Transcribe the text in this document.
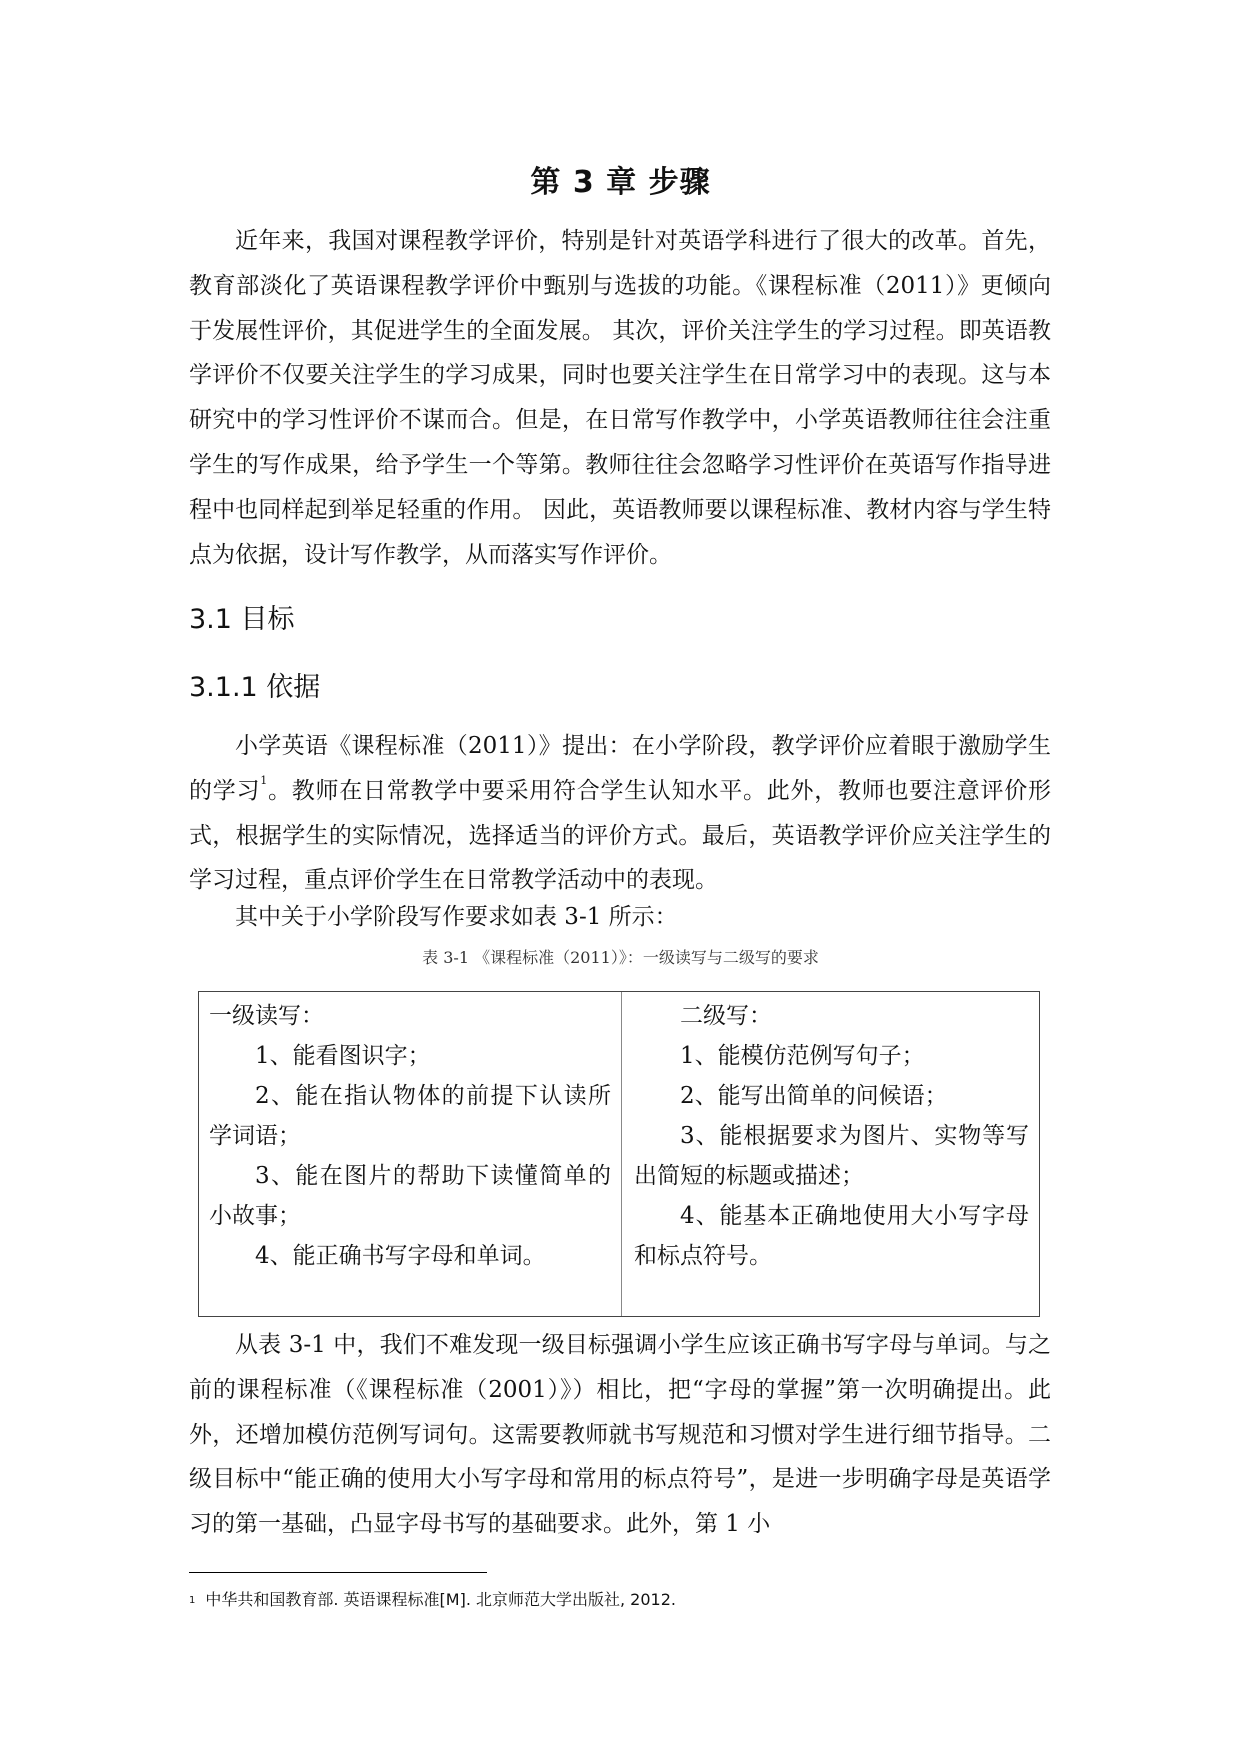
第 3 章 步骤

近年来，我国对课程教学评价，特别是针对英语学科进行了很大的改革。首先，教育部淡化了英语课程教学评价中甄别与选拔的功能。《课程标准（2011）》更倾向于发展性评价，其促进学生的全面发展。 其次，评价关注学生的学习过程。即英语教学评价不仅要关注学生的学习成果，同时也要关注学生在日常学习中的表现。这与本研究中的学习性评价不谋而合。但是，在日常写作教学中，小学英语教师往往会注重学生的写作成果，给予学生一个等第。教师往往会忽略学习性评价在英语写作指导进程中也同样起到举足轻重的作用。 因此，英语教师要以课程标准、教材内容与学生特点为依据，设计写作教学，从而落实写作评价。

3.1 目标
3.1.1 依据

小学英语《课程标准（2011）》提出：在小学阶段，教学评价应着眼于激励学生的学习$^1$。教师在日常教学中要采用符合学生认知水平。此外，教师也要注意评价形式，根据学生的实际情况，选择适当的评价方式。最后，英语教学评价应关注学生的学习过程，重点评价学生在日常教学活动中的表现。

其中关于小学阶段写作要求如表 3-1 所示：

表 3-1 《课程标准（2011）》：一级读写与二级写的要求

一级读写：

1、能看图识字；

2、能在指认物体的前提下认读所学词语；

3、能在图片的帮助下读懂简单的小故事；

4、能正确书写字母和单词。

二级写：

1、能模仿范例写句子；

2、能写出简单的问候语；

3、能根据要求为图片、实物等写出简短的标题或描述；

4、能基本正确地使用大小写字母和标点符号。

从表 3-1 中，我们不难发现一级目标强调小学生应该正确书写字母与单词。与之前的课程标准（《课程标准（2001）》）相比，把“字母的掌握”第一次明确提出。此外，还增加模仿范例写词句。这需要教师就书写规范和习惯对学生进行细节指导。二级目标中“能正确的使用大小写字母和常用的标点符号”，是进一步明确字母是英语学习的第一基础，凸显字母书写的基础要求。此外，第 1 小

$^1$ 中华共和国教育部. 英语课程标准[M]. 北京师范大学出版社, 2012.
